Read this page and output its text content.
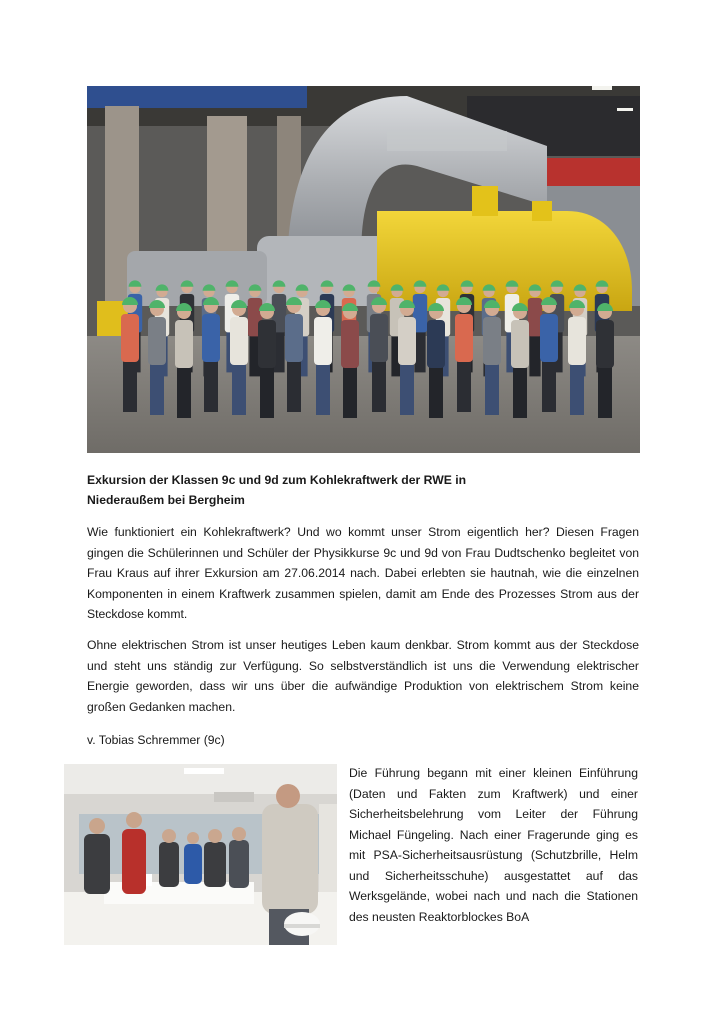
Exkursion der Klassen 9c und 9d zum Kohlekraftwerk der RWE in
Niederaußem bei Bergheim

Wie funktioniert ein Kohlekraftwerk? Und wo kommt unser Strom eigentlich her? Diesen Fragen gingen die Schülerinnen und Schüler der Physikkurse 9c und 9d von Frau Dudtschenko begleitet von Frau Kraus auf ihrer Exkursion am 27.06.2014 nach. Dabei erlebten sie hautnah, wie die einzelnen Komponenten in einem Kraftwerk zusammen spielen, damit am Ende des Prozesses Strom aus der Steckdose kommt.

Ohne elektrischen Strom ist unser heutiges Leben kaum denkbar. Strom kommt aus der Steckdose und steht uns ständig zur Verfügung. So selbstverständlich ist uns die Verwendung elektrischer Energie geworden, dass wir uns über die aufwändige Produktion von elektrischem Strom keine großen Gedanken machen.

v. Tobias Schremmer (9c)

Die Führung begann mit einer kleinen Einführung (Daten und Fakten zum Kraftwerk) und einer Sicherheitsbelehrung vom Leiter der Führung Michael Füngeling. Nach einer Fragerunde ging es mit PSA-Sicherheitsausrüstung (Schutzbrille, Helm und Sicherheitsschuhe) ausgestattet auf das Werksgelände, wobei nach und nach die Stationen des neusten Reaktorblockes BoA
